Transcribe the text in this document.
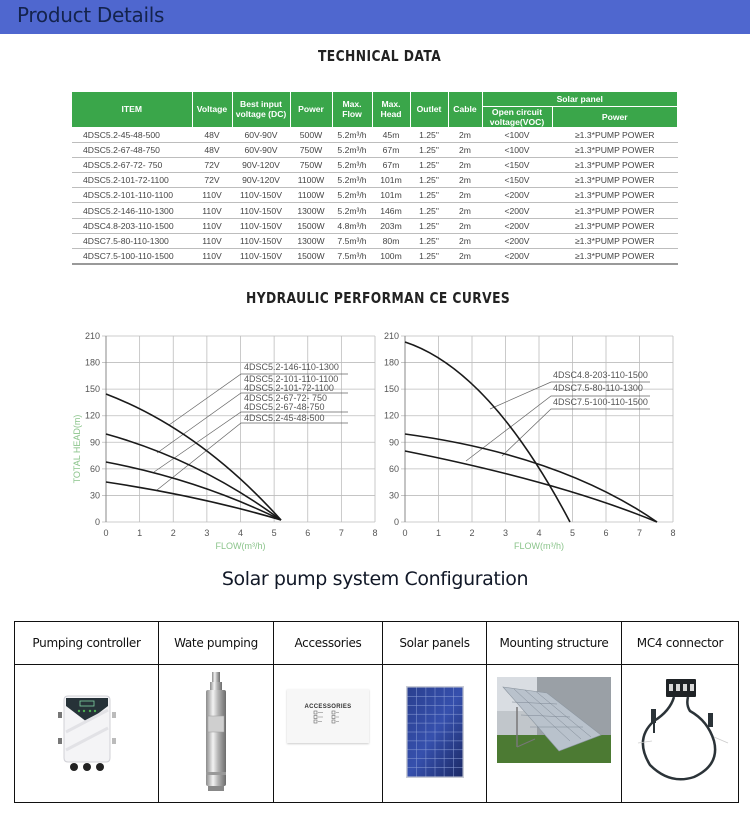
Product Details
TECHNICAL DATA
ITEM	Voltage	Best input voltage (DC)	Power	Max. Flow	Max. Head	Outlet	Cable	Solar panel	
								Open circuit voltage(VOC)	Power
4DSC5.2-45-48-500	48V	60V-90V	500W	5.2m³/h	45m	1.25"	2m	<100V	≥1.3*PUMP POWER
4DSC5.2-67-48-750	48V	60V-90V	750W	5.2m³/h	67m	1.25"	2m	<100V	≥1.3*PUMP POWER
4DSC5.2-67-72- 750	72V	90V-120V	750W	5.2m³/h	67m	1.25"	2m	<150V	≥1.3*PUMP POWER
4DSC5.2-101-72-1100	72V	90V-120V	1100W	5.2m³/h	101m	1.25"	2m	<150V	≥1.3*PUMP POWER
4DSC5.2-101-110-1100	110V	110V-150V	1100W	5.2m³/h	101m	1.25"	2m	<200V	≥1.3*PUMP POWER
4DSC5.2-146-110-1300	110V	110V-150V	1300W	5.2m³/h	146m	1.25"	2m	<200V	≥1.3*PUMP POWER
4DSC4.8-203-110-1500	110V	110V-150V	1500W	4.8m³/h	203m	1.25"	2m	<200V	≥1.3*PUMP POWER
4DSC7.5-80-110-1300	110V	110V-150V	1300W	7.5m³/h	80m	1.25"	2m	<200V	≥1.3*PUMP POWER
4DSC7.5-100-110-1500	110V	110V-150V	1500W	7.5m³/h	100m	1.25"	2m	<200V	≥1.3*PUMP POWER
HYDRAULIC PERFORMAN CE CURVES
0	1	2	3	4	5	6	7	8
0
30
60
90
120
150
180
210
FLOW(m³/h)
TOTAL HEAD(m)
4DSC5.2-146-110-1300
4DSC5.2-101-110-1100
4DSC5.2-101-72-1100
4DSC5.2-67-72- 750
4DSC5.2-67-48-750
4DSC5.2-45-48-500
0	1	2	3	4	5	6	7	8
0
30
60
90
120
150
180
210
FLOW(m³/h)
4DSC4.8-203-110-1500
4DSC7.5-80-110-1300
4DSC7.5-100-110-1500
Solar pump system Configuration
Pumping controller	Wate pumping	Accessories	Solar panels	Mounting structure	MC4 connector

ACCESSORIES
